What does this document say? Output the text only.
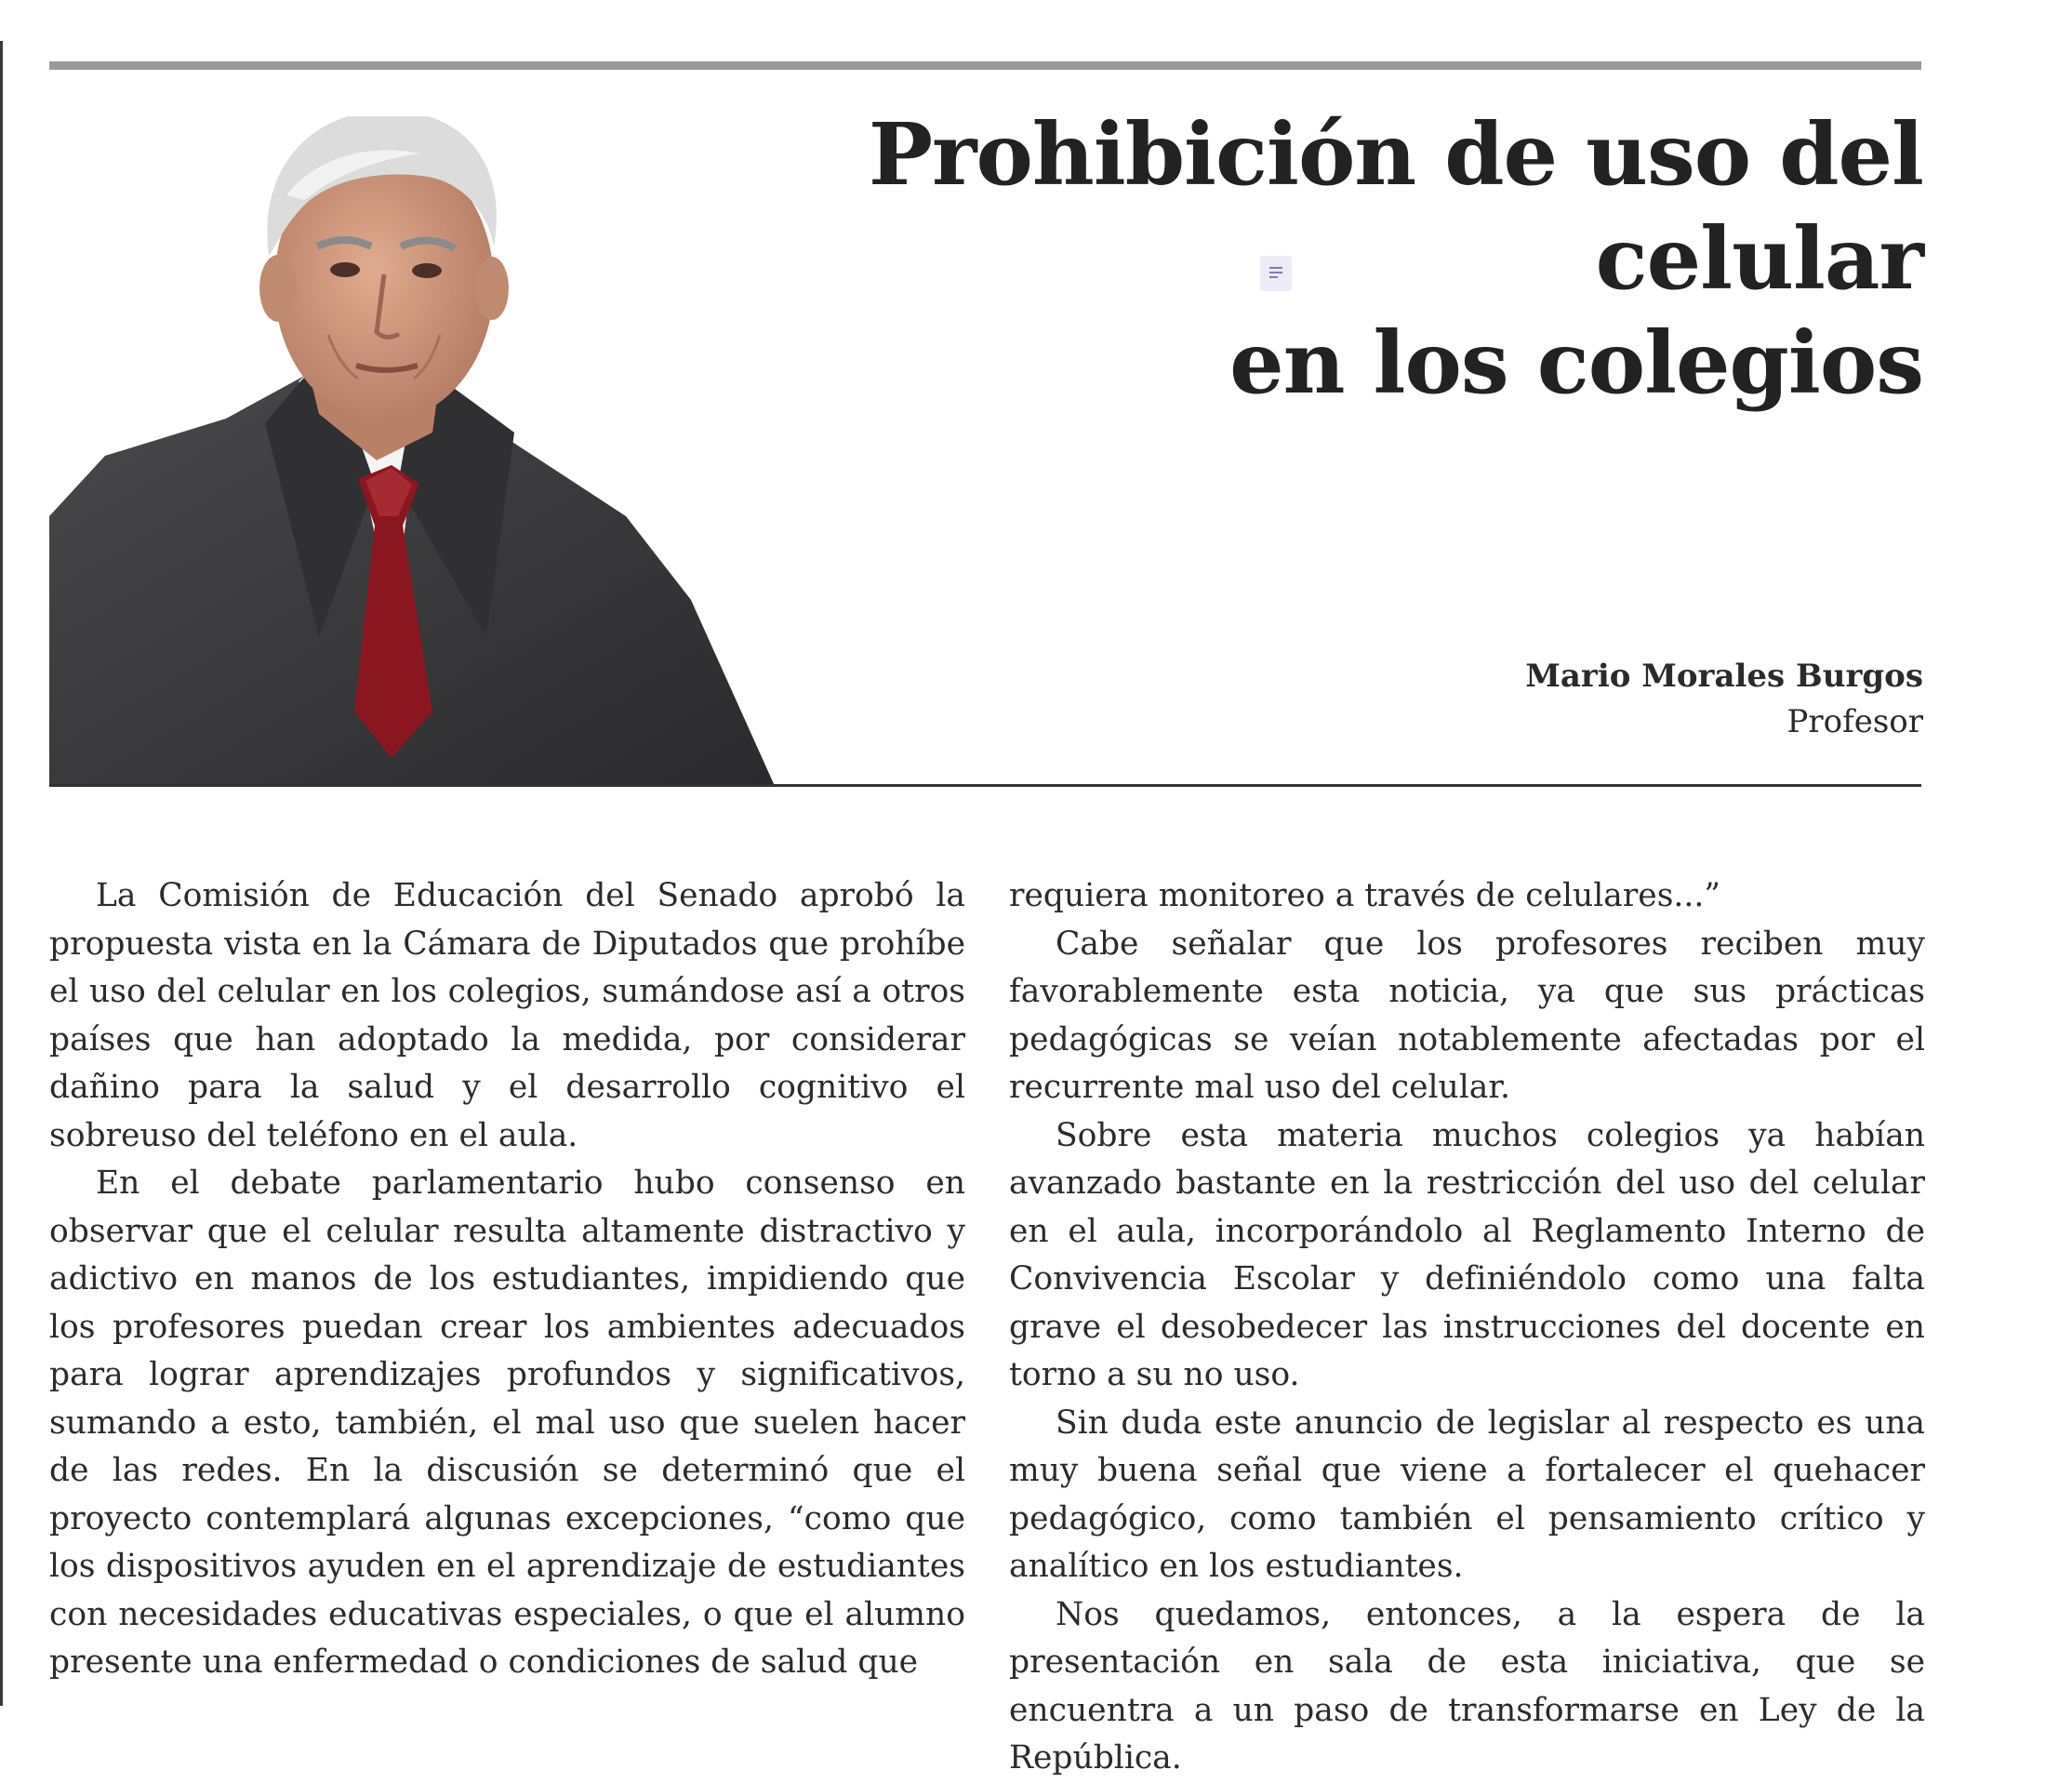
Prohibición de uso del celular
en los colegios
Mario Morales Burgos
Profesor

La Comisión de Educación del Senado aprobó la propuesta vista en la Cámara de Diputados que prohíbe el uso del celular en los colegios, sumándose así a otros países que han adoptado la medida, por considerar dañino para la salud y el desarrollo cognitivo el sobreuso del teléfono en el aula.

En el debate parlamentario hubo consenso en observar que el celular resulta altamente distractivo y adictivo en manos de los estudiantes, impidiendo que los profesores puedan crear los ambientes adecuados para lograr aprendizajes profundos y significativos, sumando a esto, también, el mal uso que suelen hacer de las redes. En la discusión se determinó que el proyecto contemplará algunas excepciones, “como que los dispositivos ayuden en el aprendizaje de estudiantes con necesidades educativas especiales, o que el alumno presente una enfermedad o condiciones de salud que

requiera monitoreo a través de celulares...”

Cabe señalar que los profesores reciben muy favorablemente esta noticia, ya que sus prácticas pedagógicas se veían notablemente afectadas por el recurrente mal uso del celular.

Sobre esta materia muchos colegios ya habían avanzado bastante en la restricción del uso del celular en el aula, incorporándolo al Reglamento Interno de Convivencia Escolar y definiéndolo como una falta grave el desobedecer las instrucciones del docente en torno a su no uso.

Sin duda este anuncio de legislar al respecto es una muy buena señal que viene a fortalecer el quehacer pedagógico, como también el pensamiento crítico y analítico en los estudiantes.

Nos quedamos, entonces, a la espera de la presentación en sala de esta iniciativa, que se encuentra a un paso de transformarse en Ley de la República.
